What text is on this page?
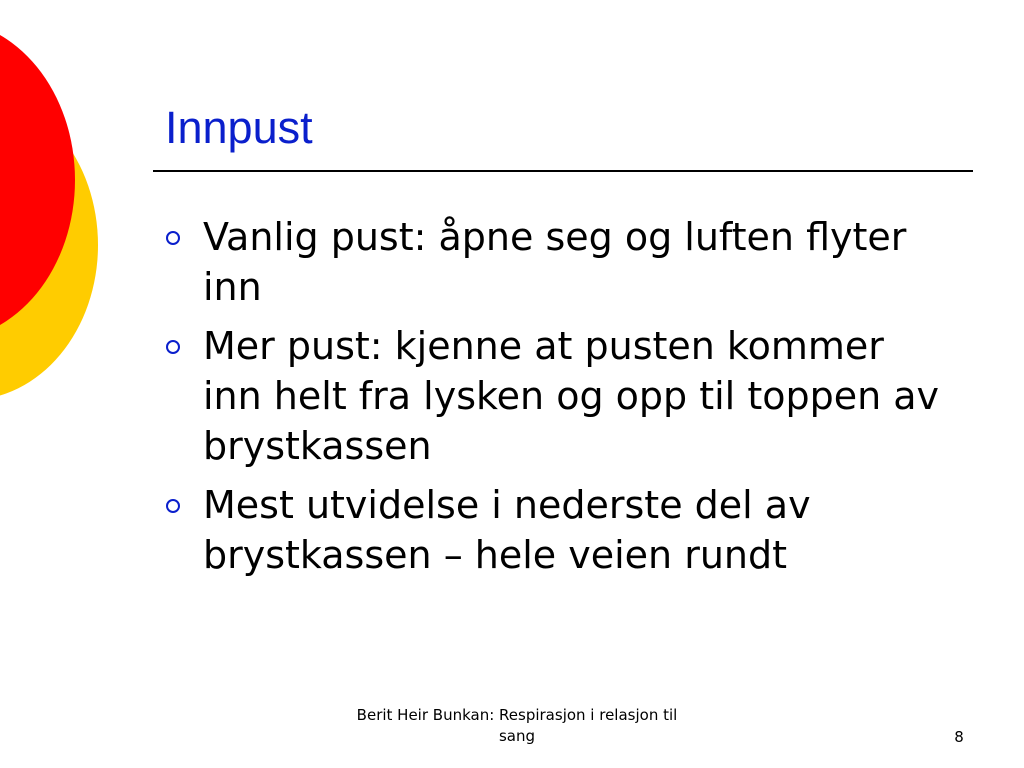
Innpust
Vanlig pust: åpne seg og luften flyter inn
Mer pust: kjenne at pusten kommer inn helt fra lysken og opp til toppen av brystkassen
Mest utvidelse i nederste del av brystkassen – hele veien rundt
Berit Heir Bunkan: Respirasjon i relasjon til sang	8
